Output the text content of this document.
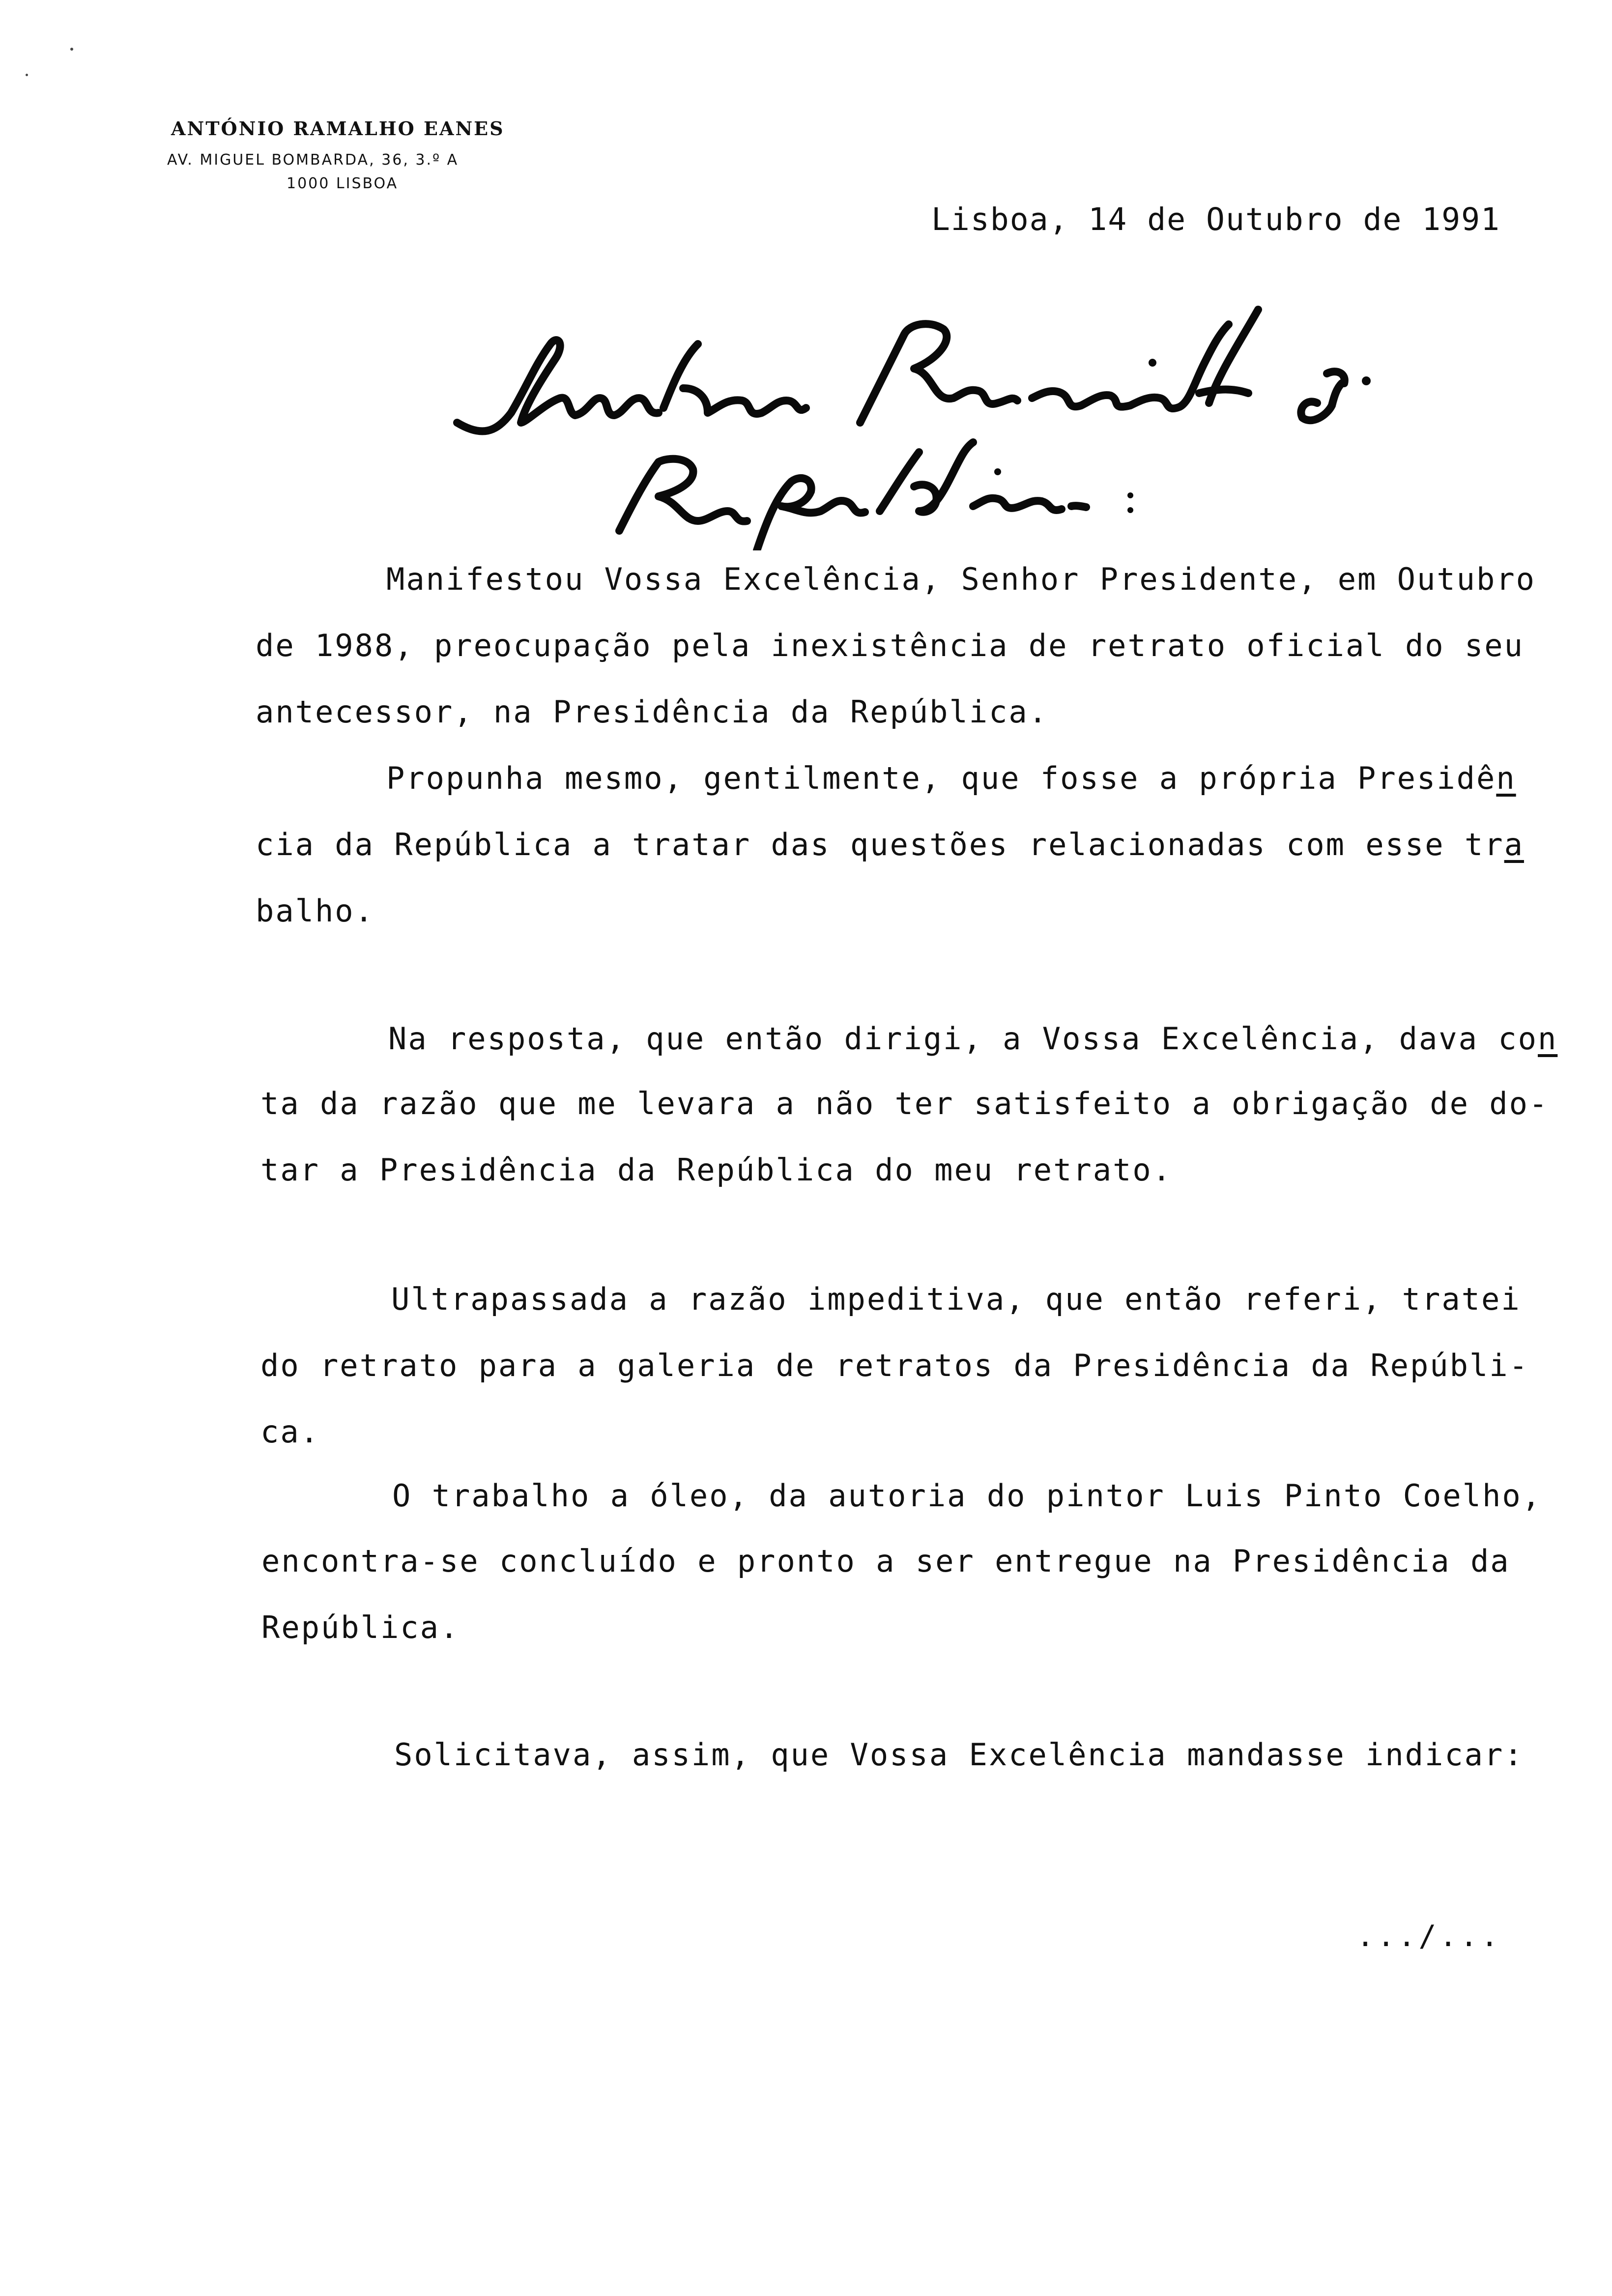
ANTÓNIO RAMALHO EANES
AV. MIGUEL BOMBARDA, 36, 3.º A
1000 LISBOA
Lisboa, 14 de Outubro de 1991
Manifestou Vossa Excelência, Senhor Presidente, em Outubro
de 1988, preocupação pela inexistência de retrato oficial do seu
antecessor, na Presidência da República.
Propunha mesmo, gentilmente, que fosse a própria Presidên
cia da República a tratar das questões relacionadas com esse tra
balho.
Na resposta, que então dirigi, a Vossa Excelência, dava con
ta da razão que me levara a não ter satisfeito a obrigação de do-
tar a Presidência da República do meu retrato.
Ultrapassada a razão impeditiva, que então referi, tratei
do retrato para a galeria de retratos da Presidência da Repúbli-
ca.
O trabalho a óleo, da autoria do pintor Luis Pinto Coelho,
encontra-se concluído e pronto a ser entregue na Presidência da
República.
Solicitava, assim, que Vossa Excelência mandasse indicar:
.../...
